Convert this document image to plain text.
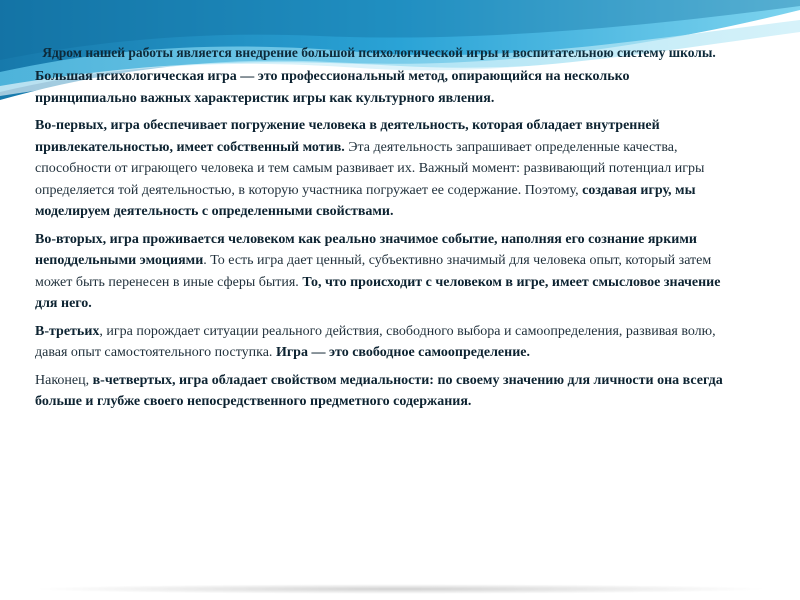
Ядром нашей работы является внедрение большой психологической игры и воспитательною систему школы.

Большая психологическая игра — это профессиональный метод, опирающийся на несколько принципиально важных характеристик игры как культурного явления.

Во-первых, игра обеспечивает погружение человека в деятельность, которая обладает внутренней привлекательностью, имеет собственный мотив. Эта деятельность запрашивает определенные качества, способности от играющего человека и тем самым развивает их. Важный момент: развивающий потенциал игры определяется той деятельностью, в которую участника погружает ее содержание. Поэтому, создавая игру, мы моделируем деятельность с определенными свойствами.

Во-вторых, игра проживается человеком как реально значимое событие, наполняя его сознание яркими неподдельными эмоциями. То есть игра дает ценный, субъективно значимый для человека опыт, который затем может быть перенесен в иные сферы бытия. То, что происходит с человеком в игре, имеет смысловое значение для него.

В-третьих, игра порождает ситуации реального действия, свободного выбора и самоопределения, развивая волю, давая опыт самостоятельного поступка. Игра — это свободное самоопределение.

Наконец, в-четвертых, игра обладает свойством медиальности: по своему значению для личности она всегда больше и глубже своего непосредственного предметного содержания.
